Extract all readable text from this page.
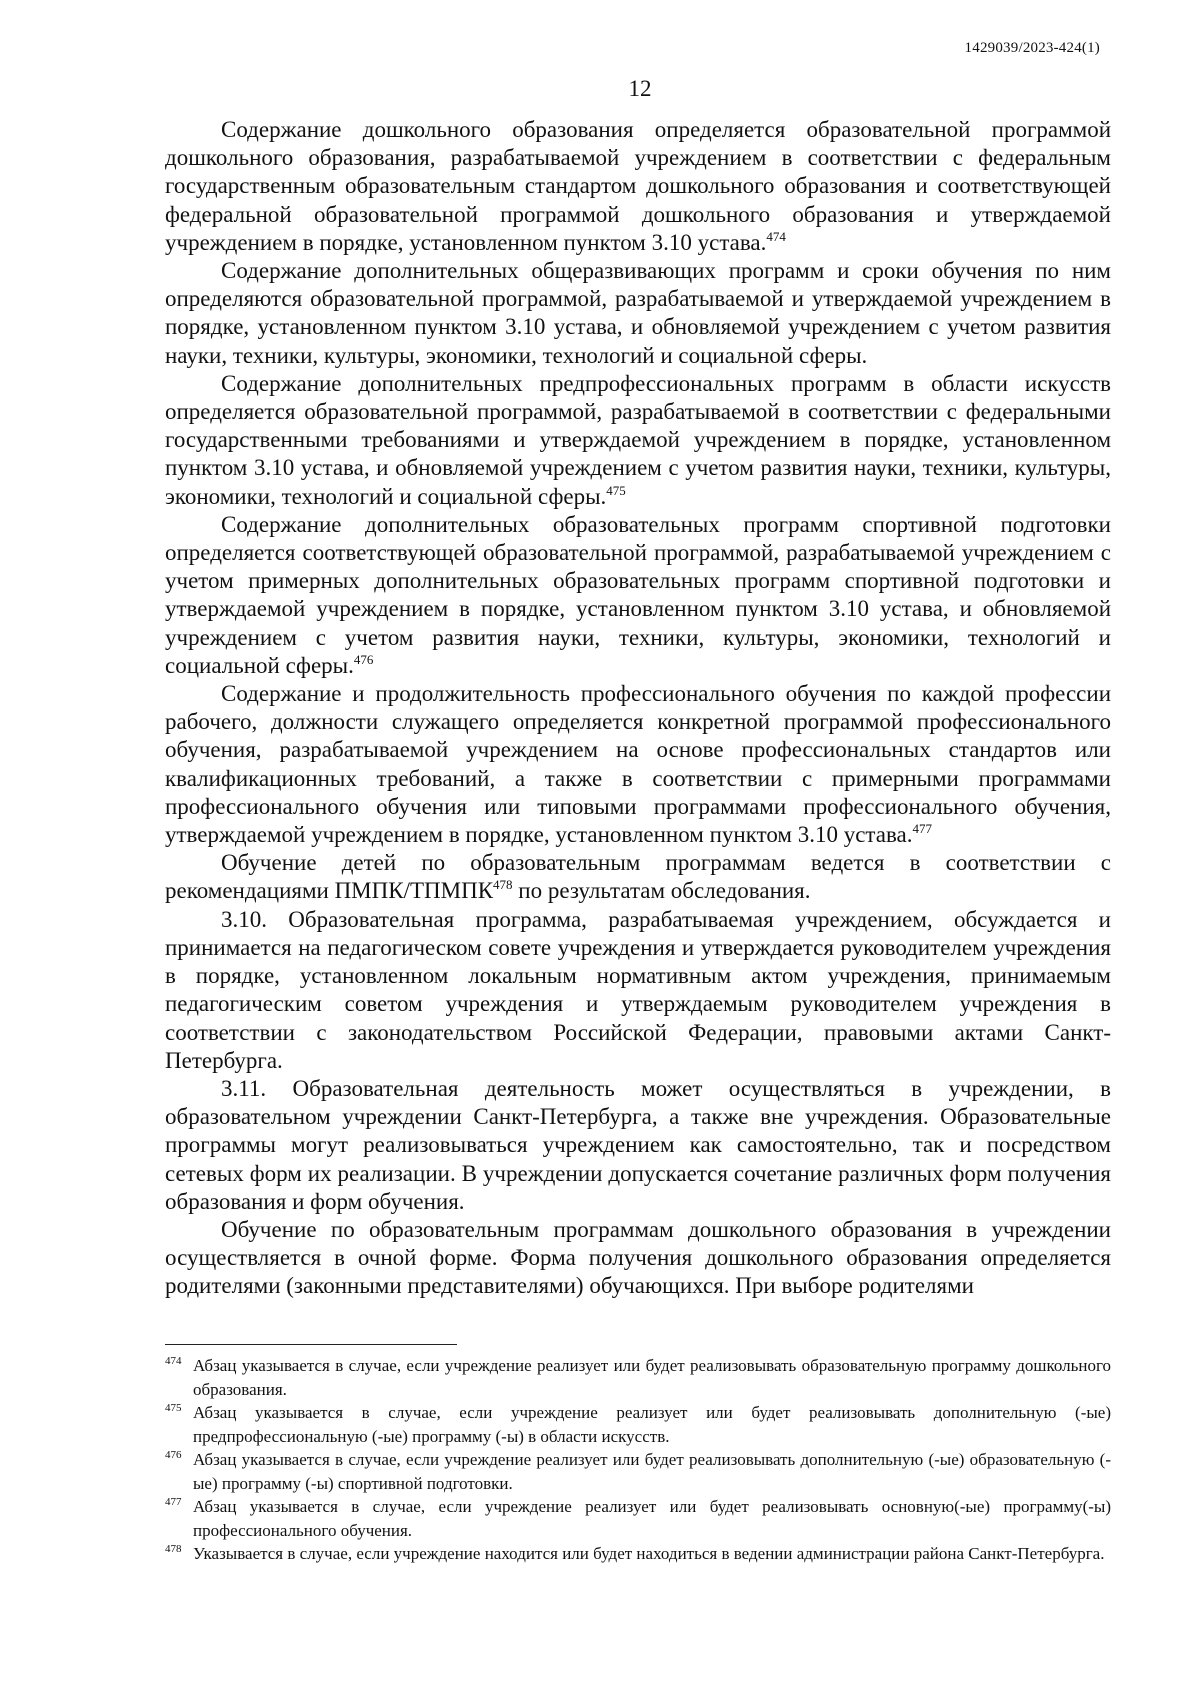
1429039/2023-424(1)
12

Содержание дошкольного образования определяется образовательной программой дошкольного образования, разрабатываемой учреждением в соответствии с федеральным государственным образовательным стандартом дошкольного образования и соответствующей федеральной образовательной программой дошкольного образования и утверждаемой учреждением в порядке, установленном пунктом 3.10 устава.$^{474}$

Содержание дополнительных общеразвивающих программ и сроки обучения по ним определяются образовательной программой, разрабатываемой и утверждаемой учреждением в порядке, установленном пунктом 3.10 устава, и обновляемой учреждением с учетом развития науки, техники, культуры, экономики, технологий и социальной сферы.

Содержание дополнительных предпрофессиональных программ в области искусств определяется образовательной программой, разрабатываемой в соответствии с федеральными государственными требованиями и утверждаемой учреждением в порядке, установленном пунктом 3.10 устава, и обновляемой учреждением с учетом развития науки, техники, культуры, экономики, технологий и социальной сферы.$^{475}$

Содержание дополнительных образовательных программ спортивной подготовки определяется соответствующей образовательной программой, разрабатываемой учреждением с учетом примерных дополнительных образовательных программ спортивной подготовки и утверждаемой учреждением в порядке, установленном пунктом 3.10 устава, и обновляемой учреждением с учетом развития науки, техники, культуры, экономики, технологий и социальной сферы.$^{476}$

Содержание и продолжительность профессионального обучения по каждой профессии рабочего, должности служащего определяется конкретной программой профессионального обучения, разрабатываемой учреждением на основе профессиональных стандартов или квалификационных требований, а также в соответствии с примерными программами профессионального обучения или типовыми программами профессионального обучения, утверждаемой учреждением в порядке, установленном пунктом 3.10 устава.$^{477}$

Обучение детей по образовательным программам ведется в соответствии с рекомендациями ПМПК/ТПМПК$^{478}$ по результатам обследования.

3.10. Образовательная программа, разрабатываемая учреждением, обсуждается и принимается на педагогическом совете учреждения и утверждается руководителем учреждения в порядке, установленном локальным нормативным актом учреждения, принимаемым педагогическим советом учреждения и утверждаемым руководителем учреждения в соответствии с законодательством Российской Федерации, правовыми актами Санкт-Петербурга.

3.11. Образовательная деятельность может осуществляться в учреждении, в образовательном учреждении Санкт-Петербурга, а также вне учреждения. Образовательные программы могут реализовываться учреждением как самостоятельно, так и посредством сетевых форм их реализации. В учреждении допускается сочетание различных форм получения образования и форм обучения.

Обучение по образовательным программам дошкольного образования в учреждении осуществляется в очной форме. Форма получения дошкольного образования определяется родителями (законными представителями) обучающихся. При выборе родителями

474 Абзац указывается в случае, если учреждение реализует или будет реализовывать образовательную программу дошкольного образования.
475 Абзац указывается в случае, если учреждение реализует или будет реализовывать дополнительную (-ые) предпрофессиональную (-ые) программу (-ы) в области искусств.
476 Абзац указывается в случае, если учреждение реализует или будет реализовывать дополнительную (-ые) образовательную (-ые) программу (-ы) спортивной подготовки.
477 Абзац указывается в случае, если учреждение реализует или будет реализовывать основную(-ые) программу(-ы) профессионального обучения.
478 Указывается в случае, если учреждение находится или будет находиться в ведении администрации района Санкт-Петербурга.
